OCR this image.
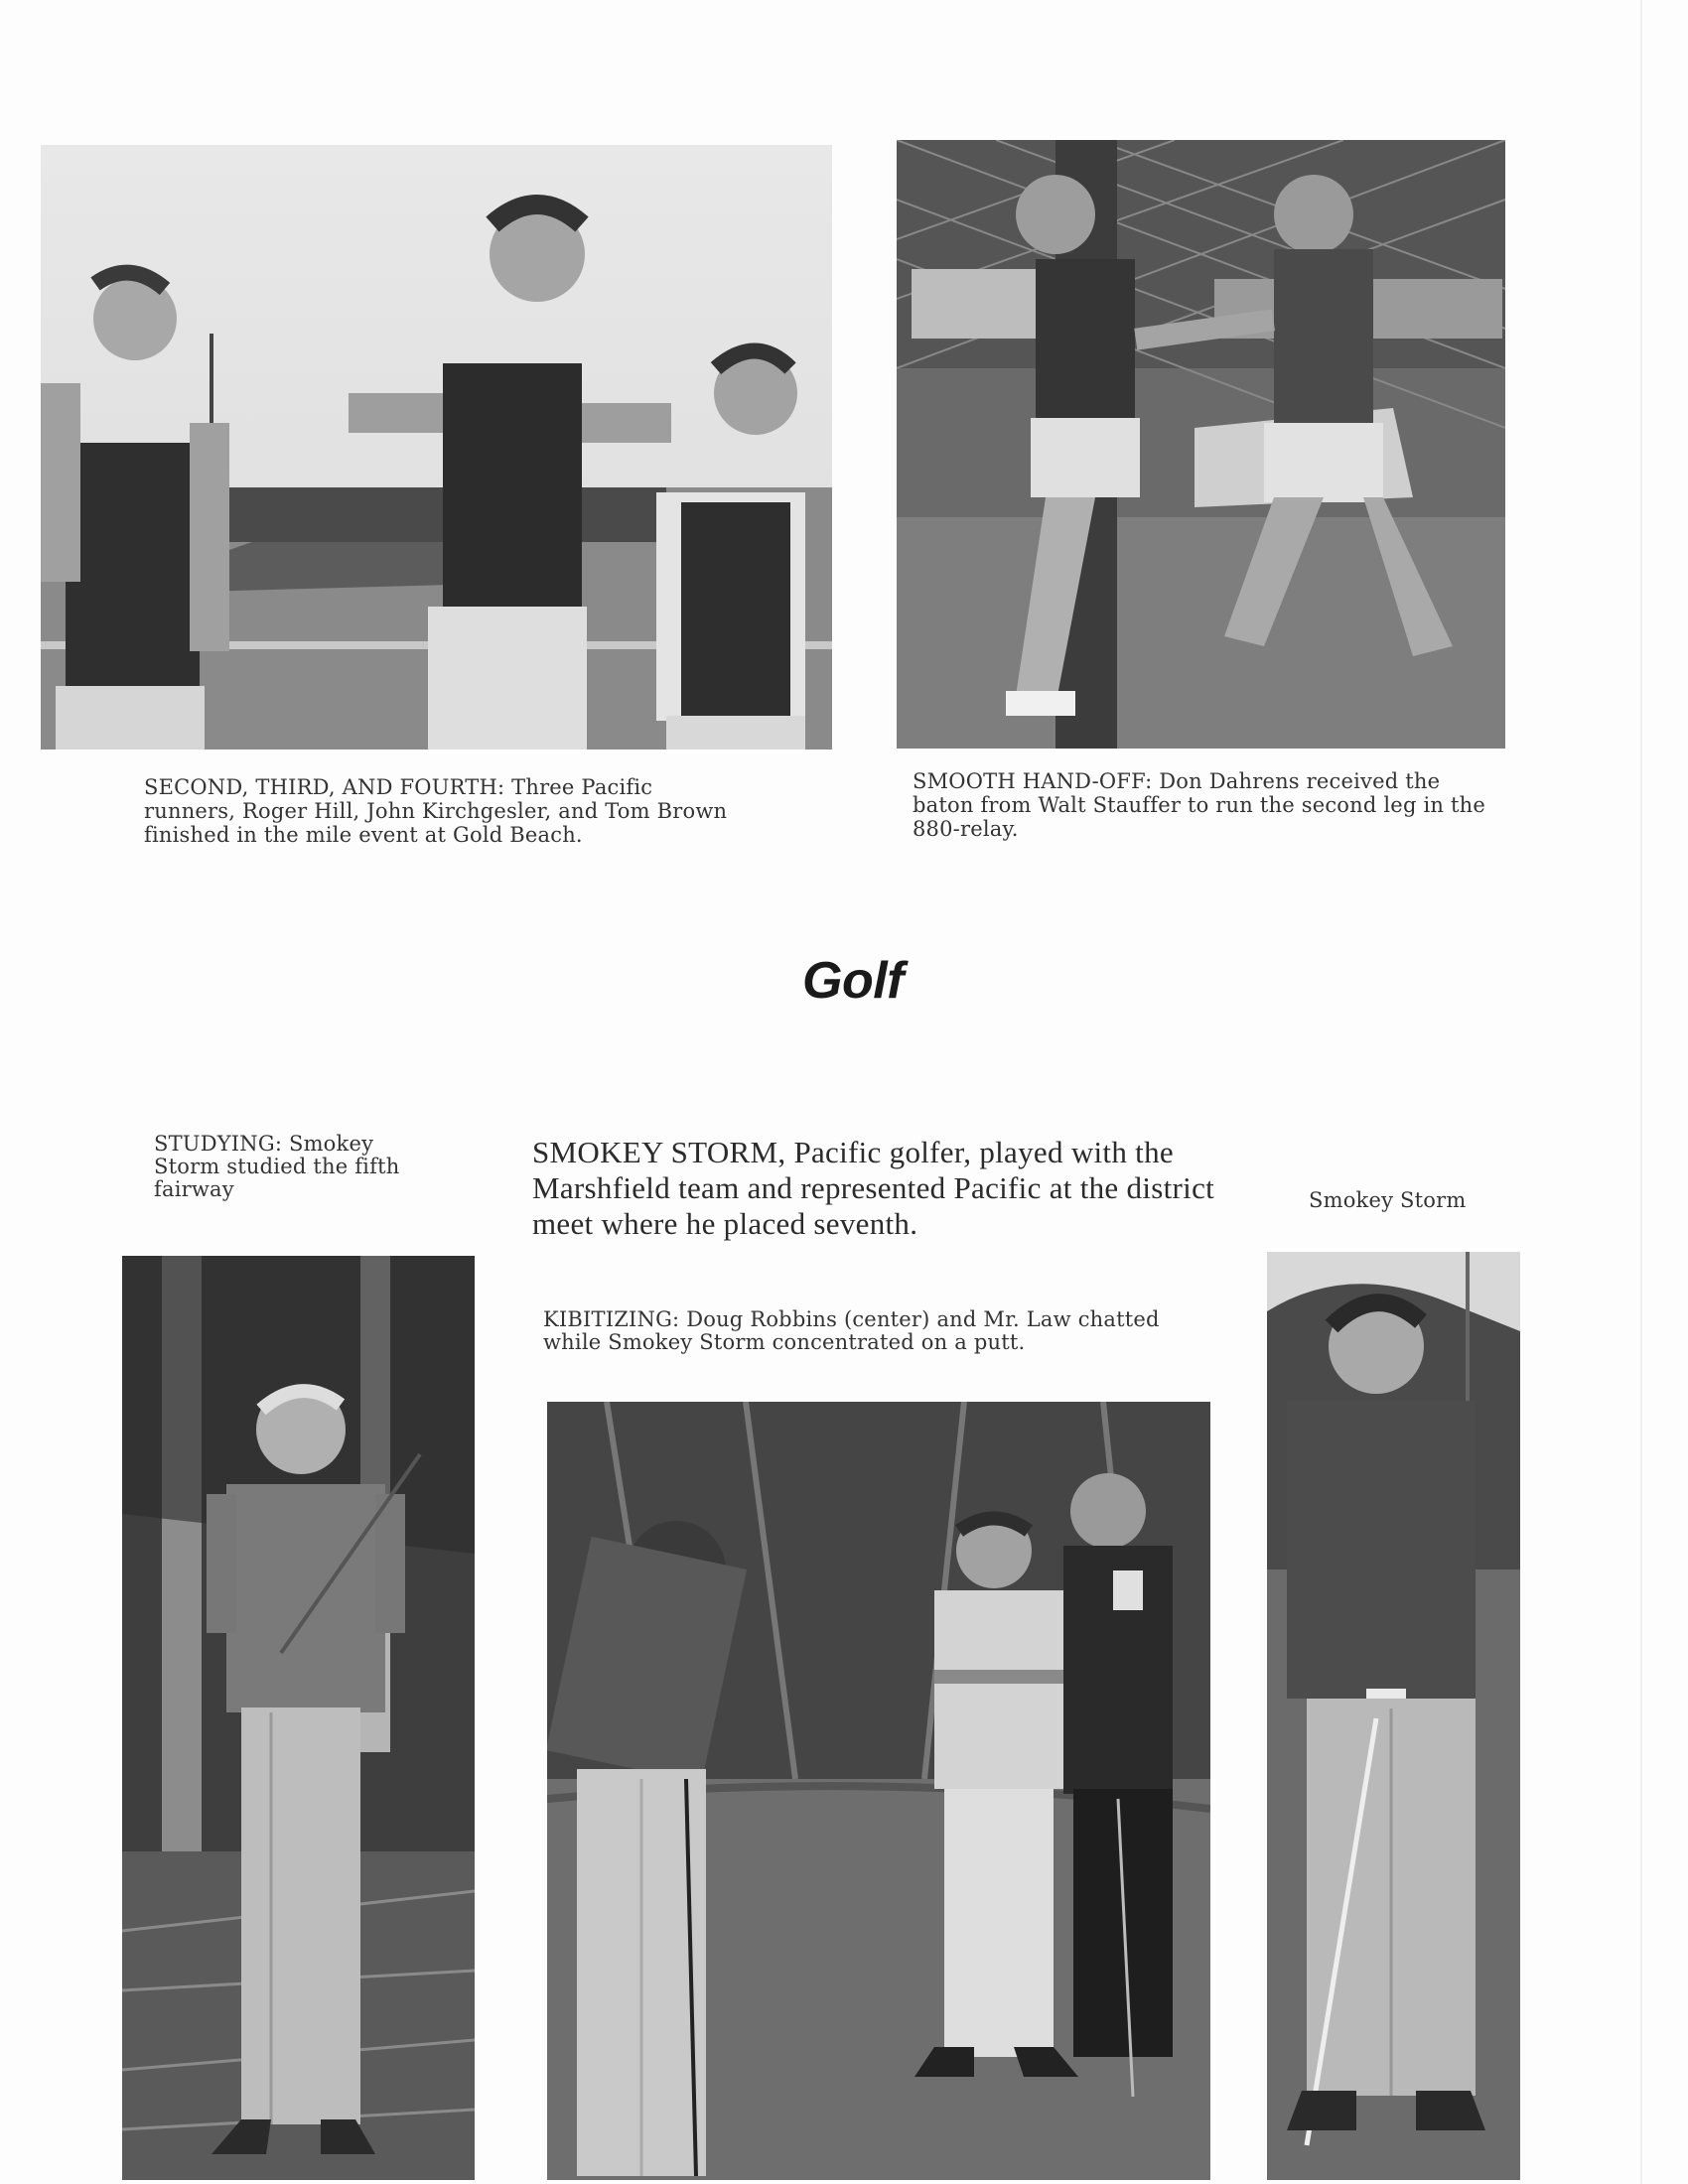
SECOND, THIRD, AND FOURTH: Three Pacific runners, Roger Hill, John Kirchgesler, and Tom Brown finished in the mile event at Gold Beach.
SMOOTH HAND-OFF: Don Dahrens received the baton from Walt Stauffer to run the second leg in the 880-relay.
Golf
STUDYING: Smokey Storm studied the fifth fairway
SMOKEY STORM, Pacific golfer, played with the Marshfield team and represented Pacific at the district meet where he placed seventh.
KIBITIZING: Doug Robbins (center) and Mr. Law chatted while Smokey Storm concentrated on a putt.
Smokey Storm
